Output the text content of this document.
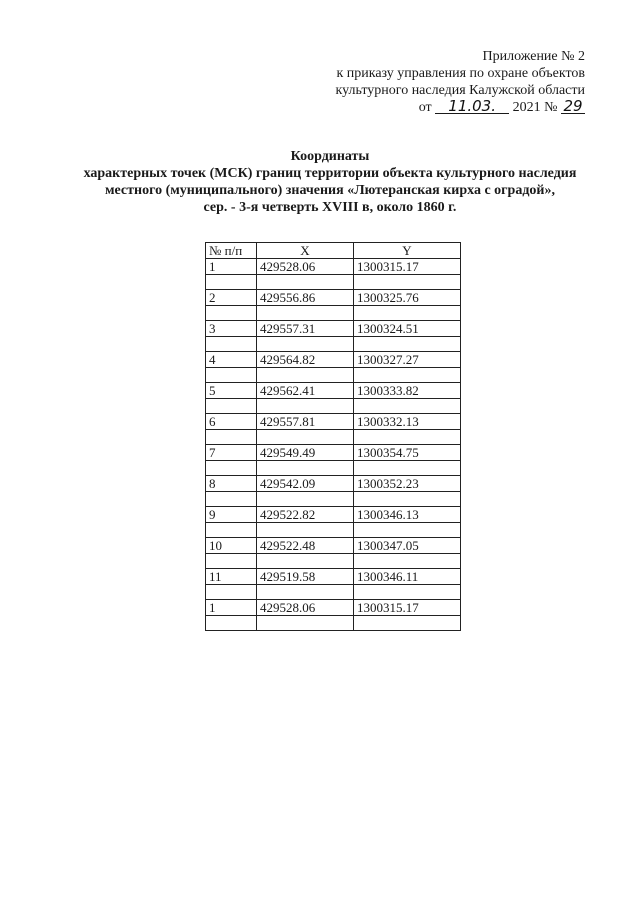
Приложение № 2
к приказу управления по охране объектов
культурного наследия Калужской области
от 11.03. 2021 № 29
Координаты
характерных точек (МСК) границ территории объекта культурного наследия
местного (муниципального) значения «Лютеранская кирха с оградой»,
сер. - 3-я четверть XVIII в, около 1860 г.
№ п/п	X	Y
1	429528.06	1300315.17

2	429556.86	1300325.76

3	429557.31	1300324.51

4	429564.82	1300327.27

5	429562.41	1300333.82

6	429557.81	1300332.13

7	429549.49	1300354.75

8	429542.09	1300352.23

9	429522.82	1300346.13

10	429522.48	1300347.05

11	429519.58	1300346.11

1	429528.06	1300315.17
